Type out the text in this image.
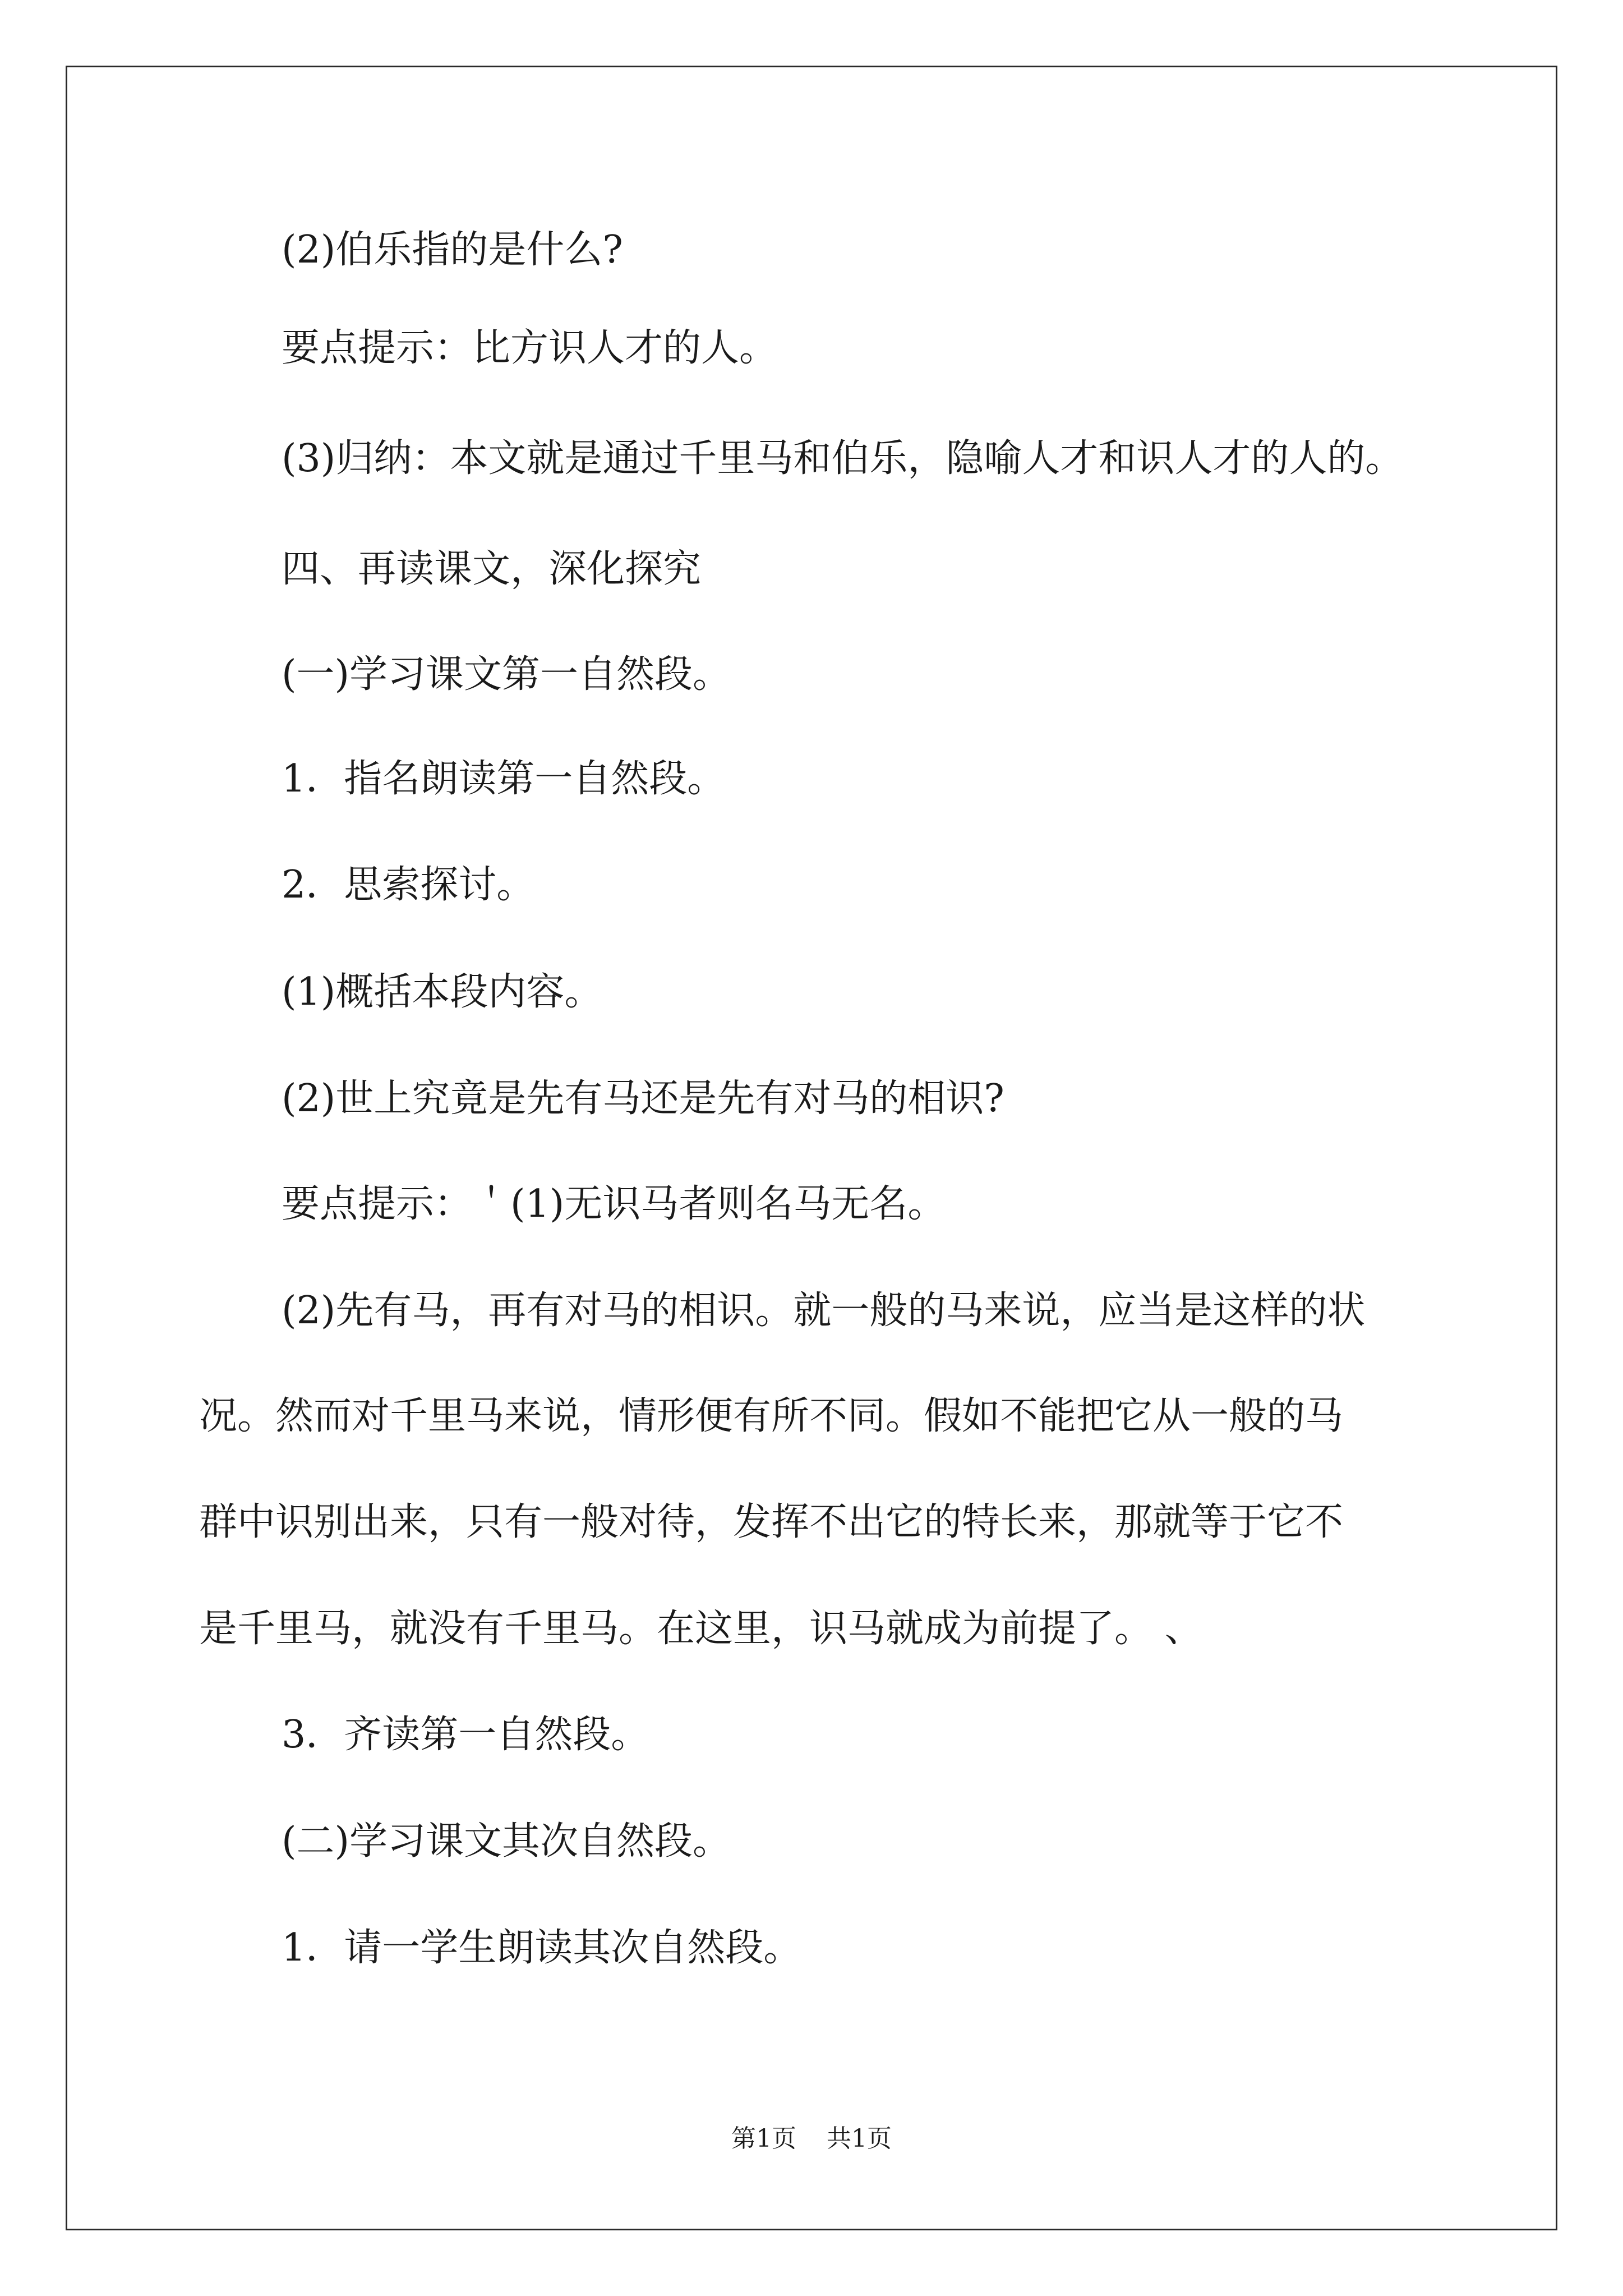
(2)伯乐指的是什么?

要点提示：比方识人才的人。

(3)归纳：本文就是通过千里马和伯乐，隐喻人才和识人才的人的。

四、再读课文，深化探究

(一)学习课文第一自然段。

1．指名朗读第一自然段。

2．思索探讨。

(1)概括本段内容。

(2)世上究竟是先有马还是先有对马的相识?

要点提示：＇(1)无识马者则名马无名。

(2)先有马，再有对马的相识。就一般的马来说，应当是这样的状

况。然而对千里马来说，情形便有所不同。假如不能把它从一般的马

群中识别出来，只有一般对待，发挥不出它的特长来，那就等于它不

是千里马，就没有千里马。在这里，识马就成为前提了。 、

3．齐读第一自然段。

(二)学习课文其次自然段。

1．请一学生朗读其次自然段。

第1页 共1页
